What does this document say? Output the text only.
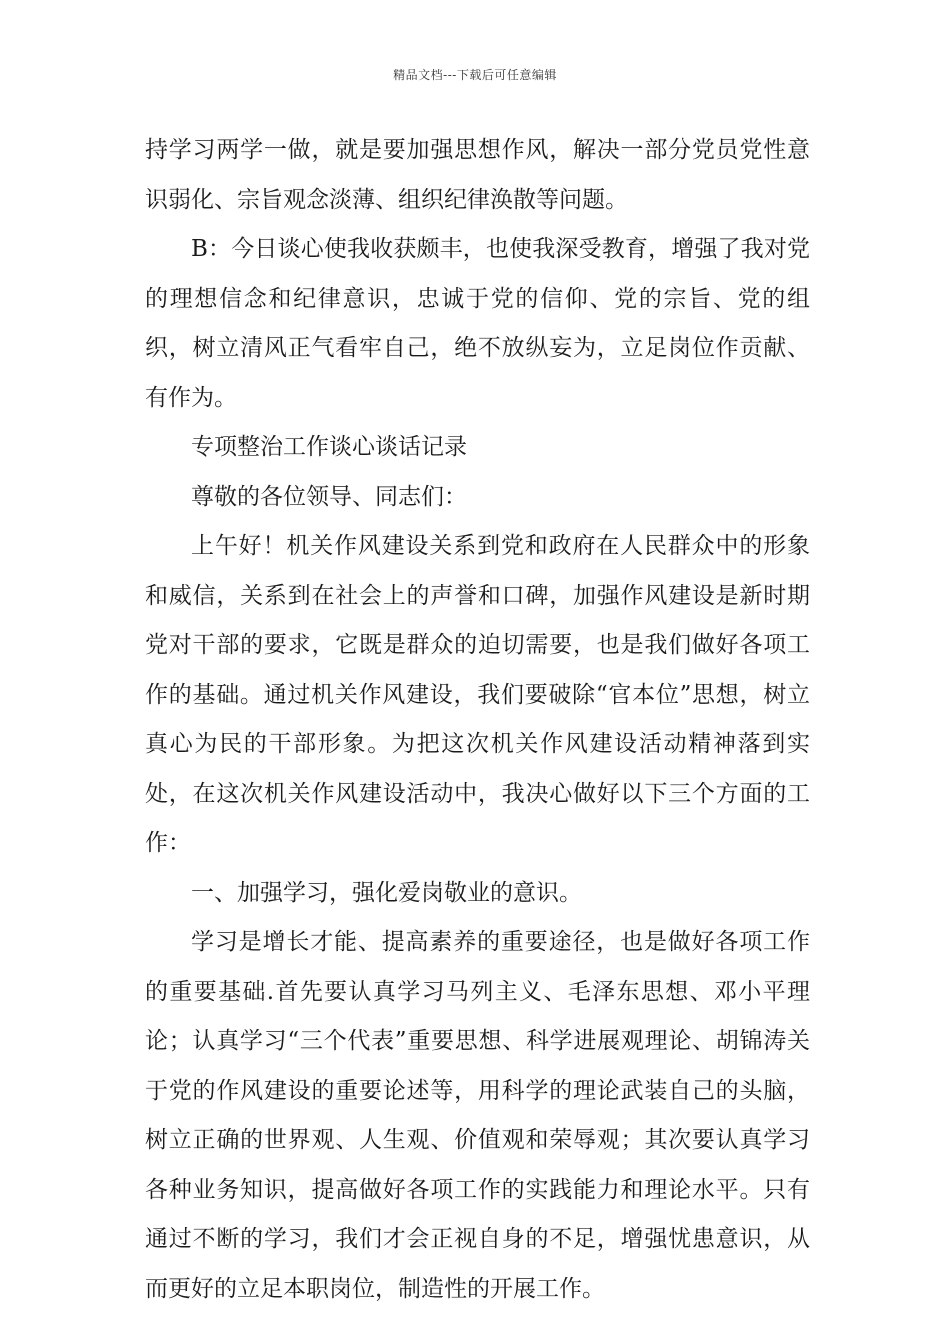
精品文档---下载后可任意编辑

持学习两学一做，就是要加强思想作风，解决一部分党员党性意识弱化、宗旨观念淡薄、组织纪律涣散等问题。

B：今日谈心使我收获颇丰，也使我深受教育，增强了我对党的理想信念和纪律意识，忠诚于党的信仰、党的宗旨、党的组织，树立清风正气看牢自己，绝不放纵妄为，立足岗位作贡献、有作为。

专项整治工作谈心谈话记录

尊敬的各位领导、同志们：

上午好！机关作风建设关系到党和政府在人民群众中的形象和威信，关系到在社会上的声誉和口碑，加强作风建设是新时期党对干部的要求，它既是群众的迫切需要，也是我们做好各项工作的基础。通过机关作风建设，我们要破除“官本位”思想，树立真心为民的干部形象。为把这次机关作风建设活动精神落到实处，在这次机关作风建设活动中，我决心做好以下三个方面的工作：

一、加强学习，强化爱岗敬业的意识。

学习是增长才能、提高素养的重要途径，也是做好各项工作的重要基础.首先要认真学习马列主义、毛泽东思想、邓小平理论；认真学习“三个代表”重要思想、科学进展观理论、胡锦涛关于党的作风建设的重要论述等，用科学的理论武装自己的头脑，树立正确的世界观、人生观、价值观和荣辱观；其次要认真学习各种业务知识，提高做好各项工作的实践能力和理论水平。只有通过不断的学习，我们才会正视自身的不足，增强忧患意识，从而更好的立足本职岗位，制造性的开展工作。
